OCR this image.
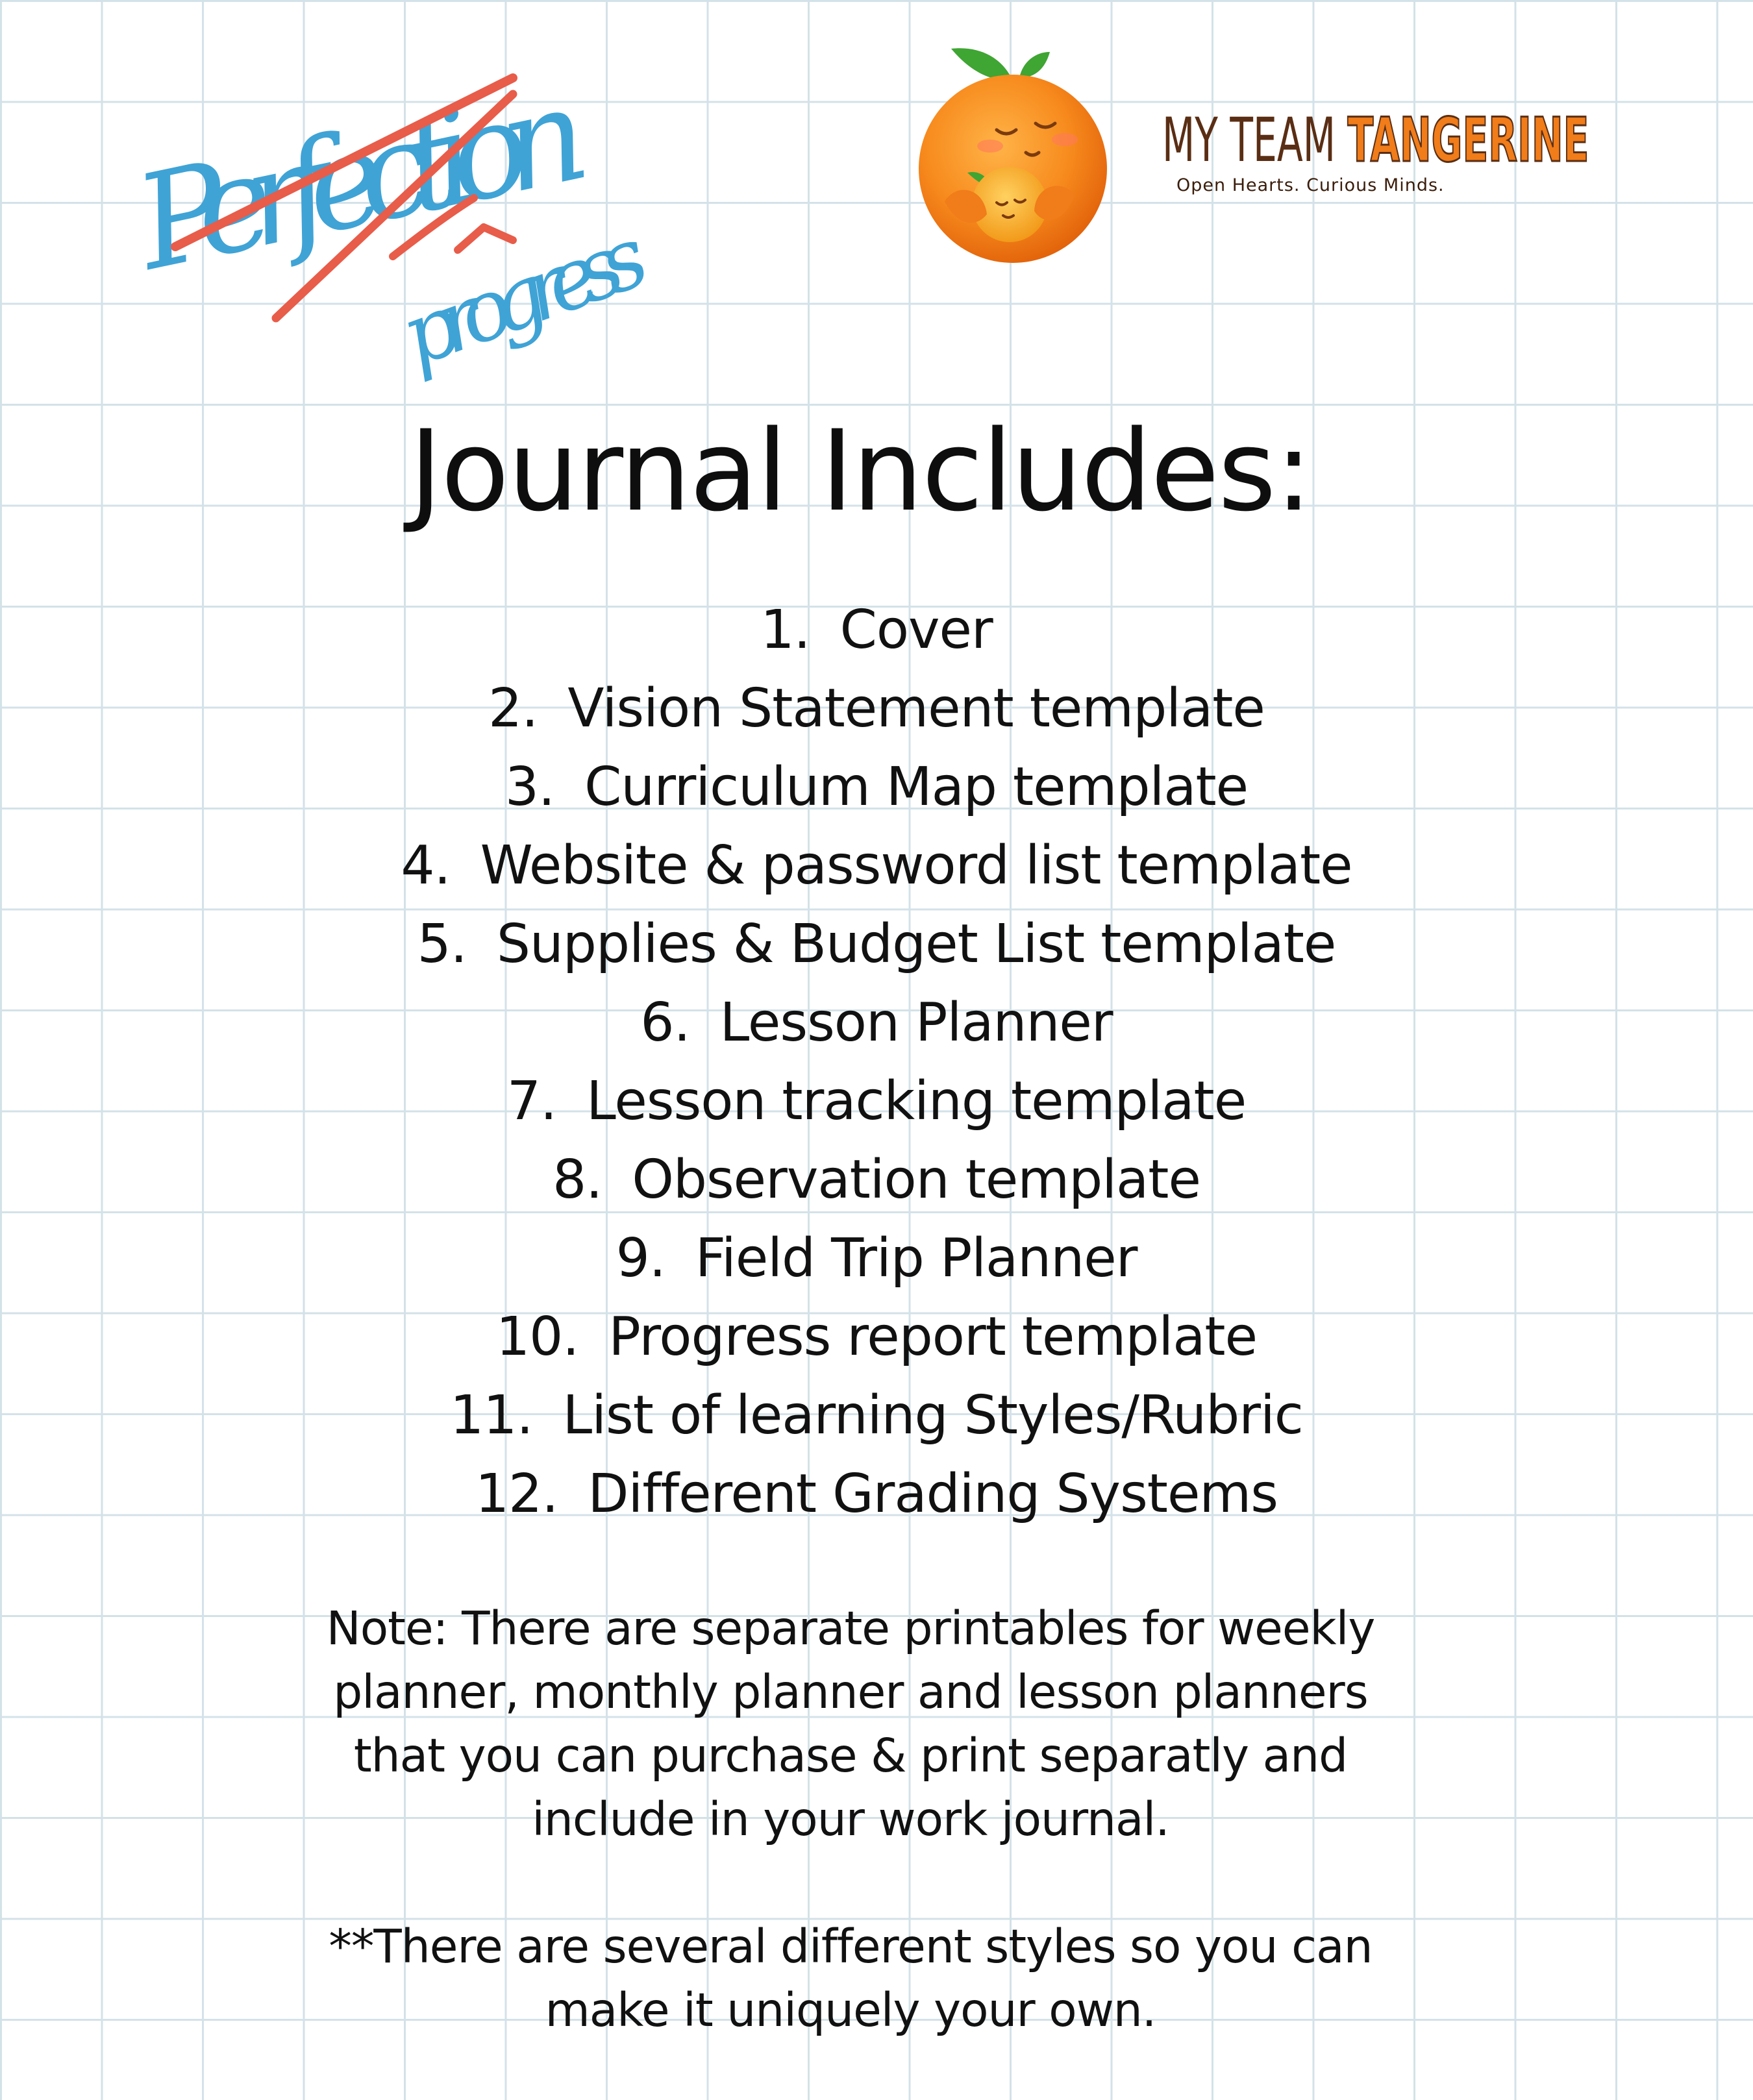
Perfection
progress
MY TEAM TANGERINE
Open Hearts. Curious Minds.
Journal Includes:
1. Cover
2. Vision Statement template
3. Curriculum Map template
4. Website & password list template
5. Supplies & Budget List template
6. Lesson Planner
7. Lesson tracking template
8. Observation template
9. Field Trip Planner
10. Progress report template
11. List of learning Styles/Rubric
12. Different Grading Systems

Note: There are separate printables for weekly

planner, monthly planner and lesson planners

that you can purchase & print separatly and

include in your work journal.

**There are several different styles so you can

make it uniquely your own.
